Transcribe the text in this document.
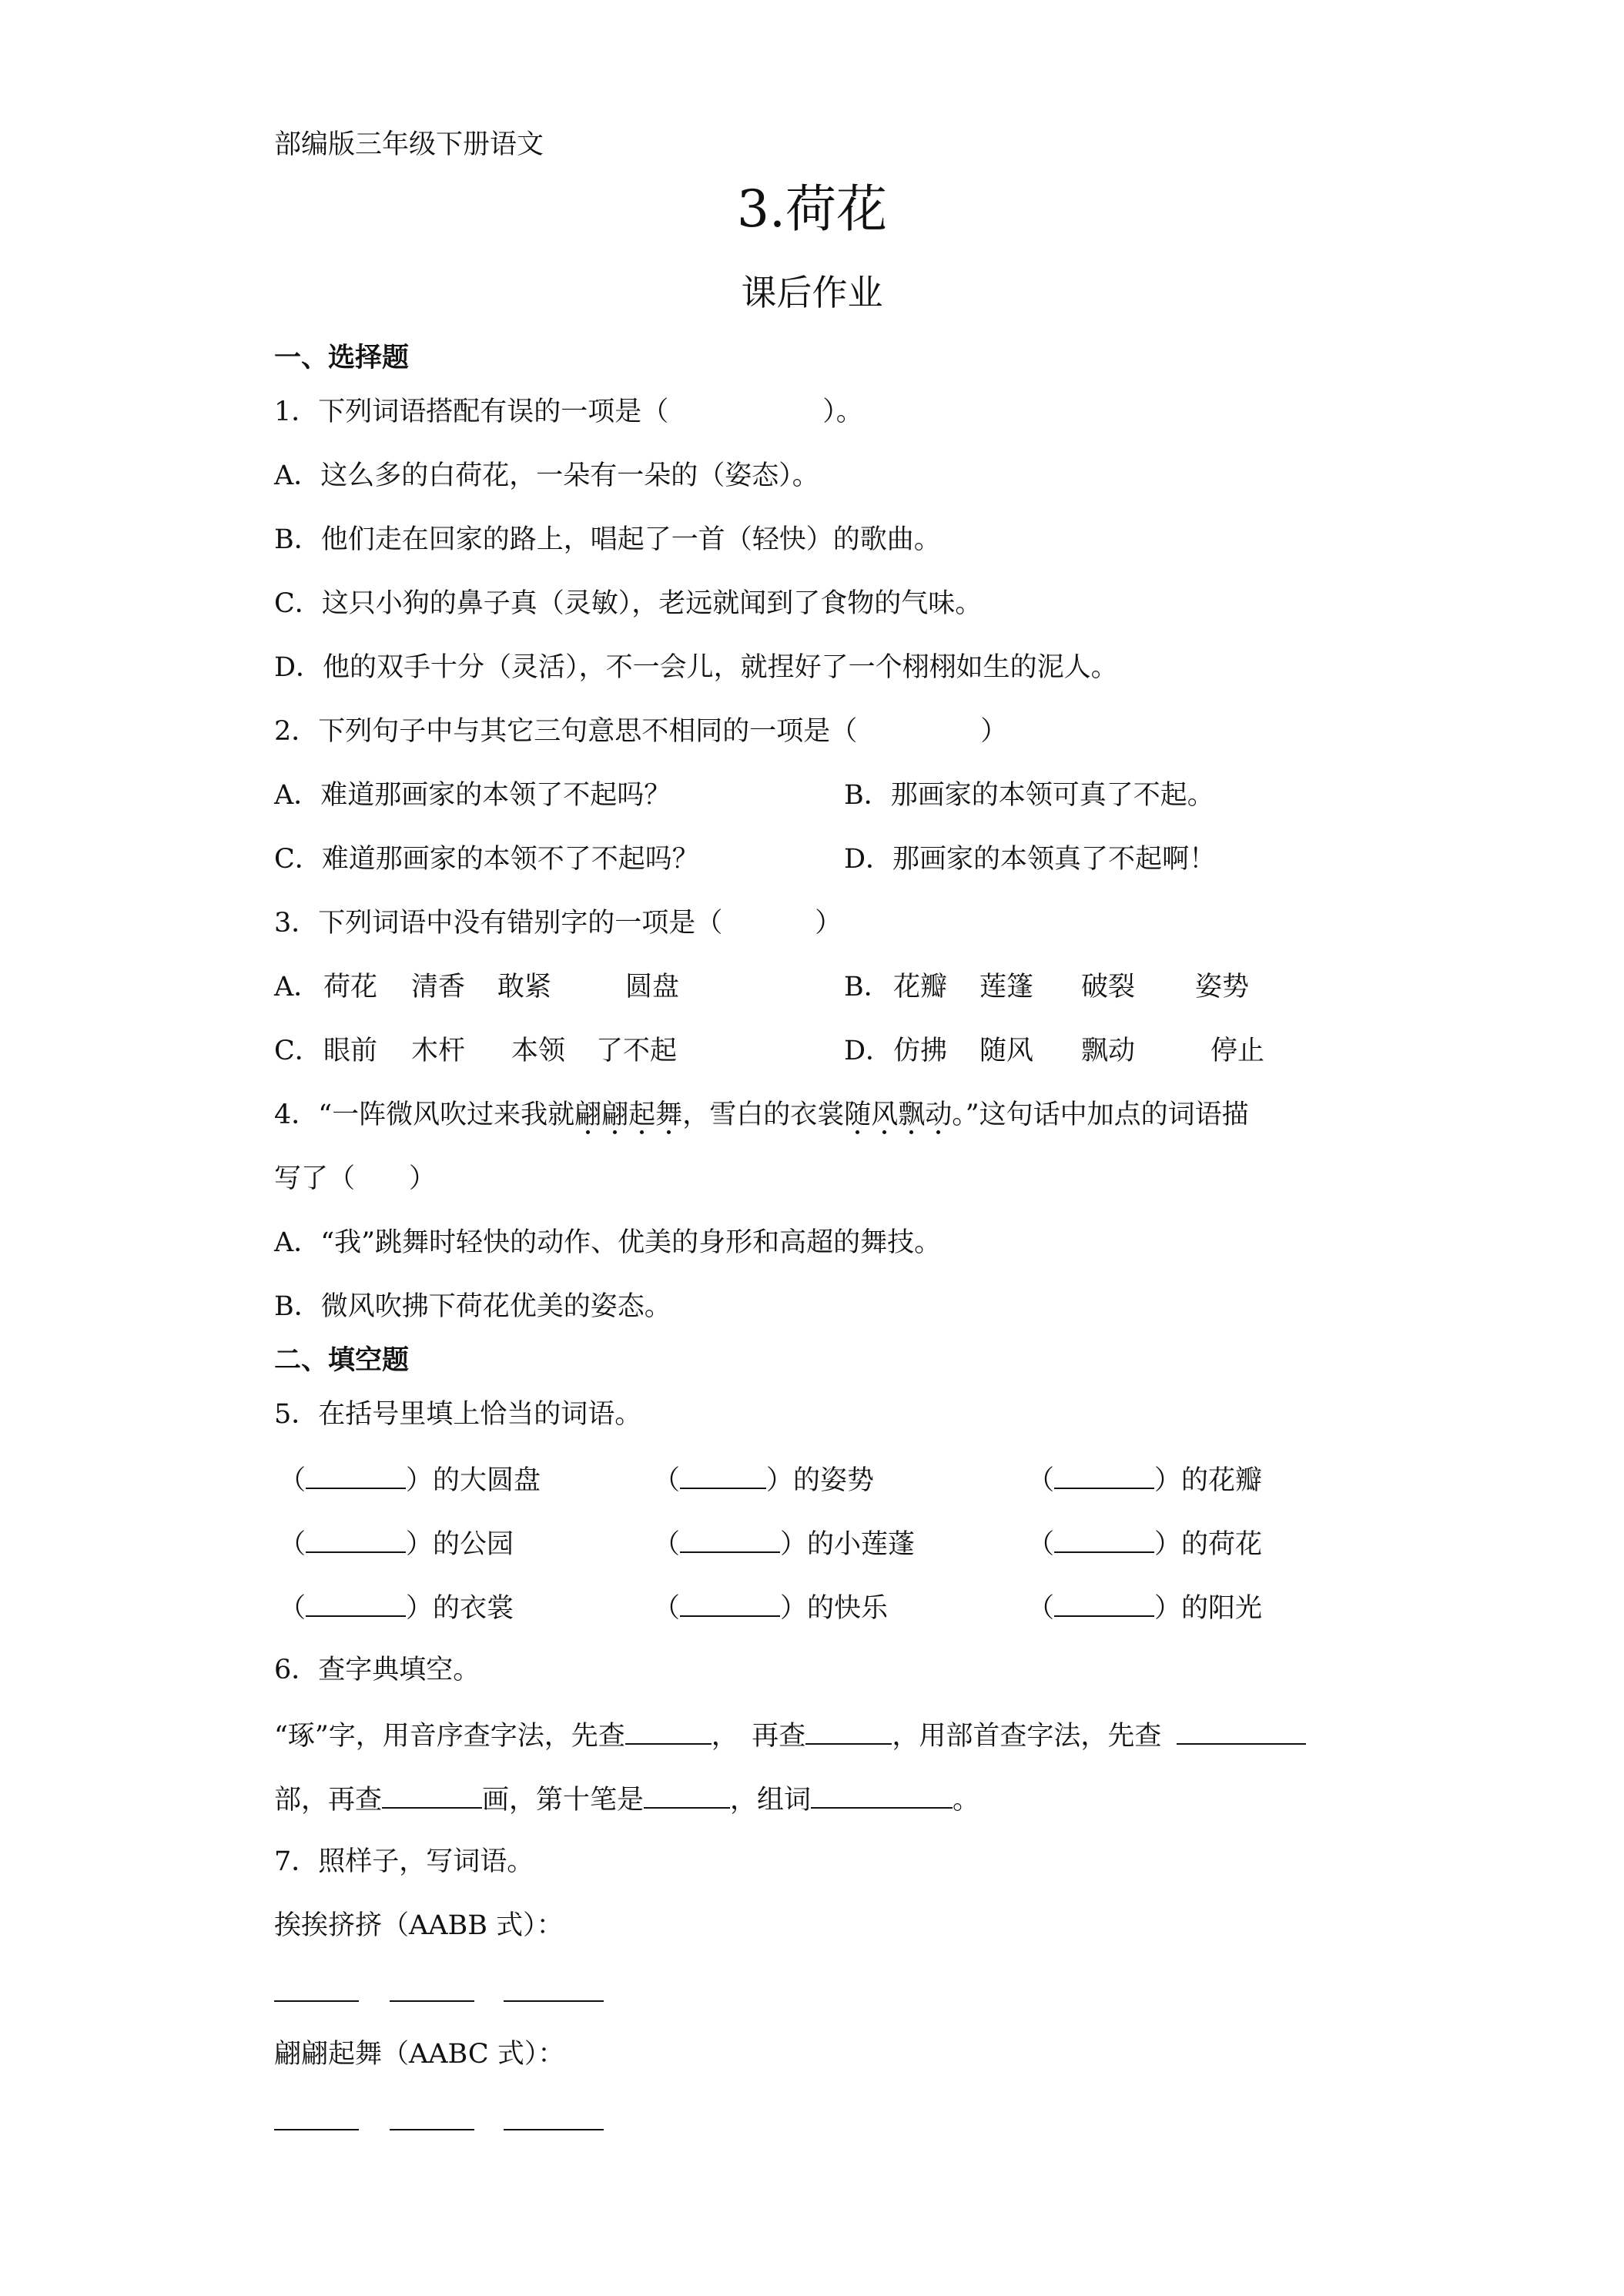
部编版三年级下册语文
3.荷花
课后作业
一、选择题
1．下列词语搭配有误的一项是（	）。
A．这么多的白荷花，一朵有一朵的（姿态）。
B．他们走在回家的路上，唱起了一首（轻快）的歌曲。
C．这只小狗的鼻子真（灵敏），老远就闻到了食物的气味。
D．他的双手十分（灵活），不一会儿，就捏好了一个栩栩如生的泥人。
2．下列句子中与其它三句意思不相同的一项是（	）
A．难道那画家的本领了不起吗？	B．那画家的本领可真了不起。
C．难道那画家的本领不了不起吗？	D．那画家的本领真了不起啊！
3．下列词语中没有错别字的一项是（	）
A． 荷花 清香 敢紧	圆盘	B． 花瓣 莲篷 破裂 姿势
C． 眼前 木杆 本领 了不起	D． 仿拂 随风 飘动	停止
4．“一阵微风吹过来我就翩翩起舞
，雪白的衣裳随风飘动
。”这句话中加点的词语描
写了（　　）
A．“我”跳舞时轻快的动作、优美的身形和高超的舞技。
B．微风吹拂下荷花优美的姿态。
二、填空题
5．在括号里填上恰当的词语。
（	）的大圆盘	（	）的姿势	（	）的花瓣
（	）的公园	（	）的小莲蓬	（	）的荷花
（	）的衣裳	（	）的快乐	（	）的阳光
6．查字典填空。
“琢”字，用音序查字法，先查	，　再查	，用部首查字法，先查
部，再查	画，第十笔是	，组词	。
7．照样子，写词语。
挨挨挤挤（AABB 式）：
翩翩起舞（AABC 式）：
